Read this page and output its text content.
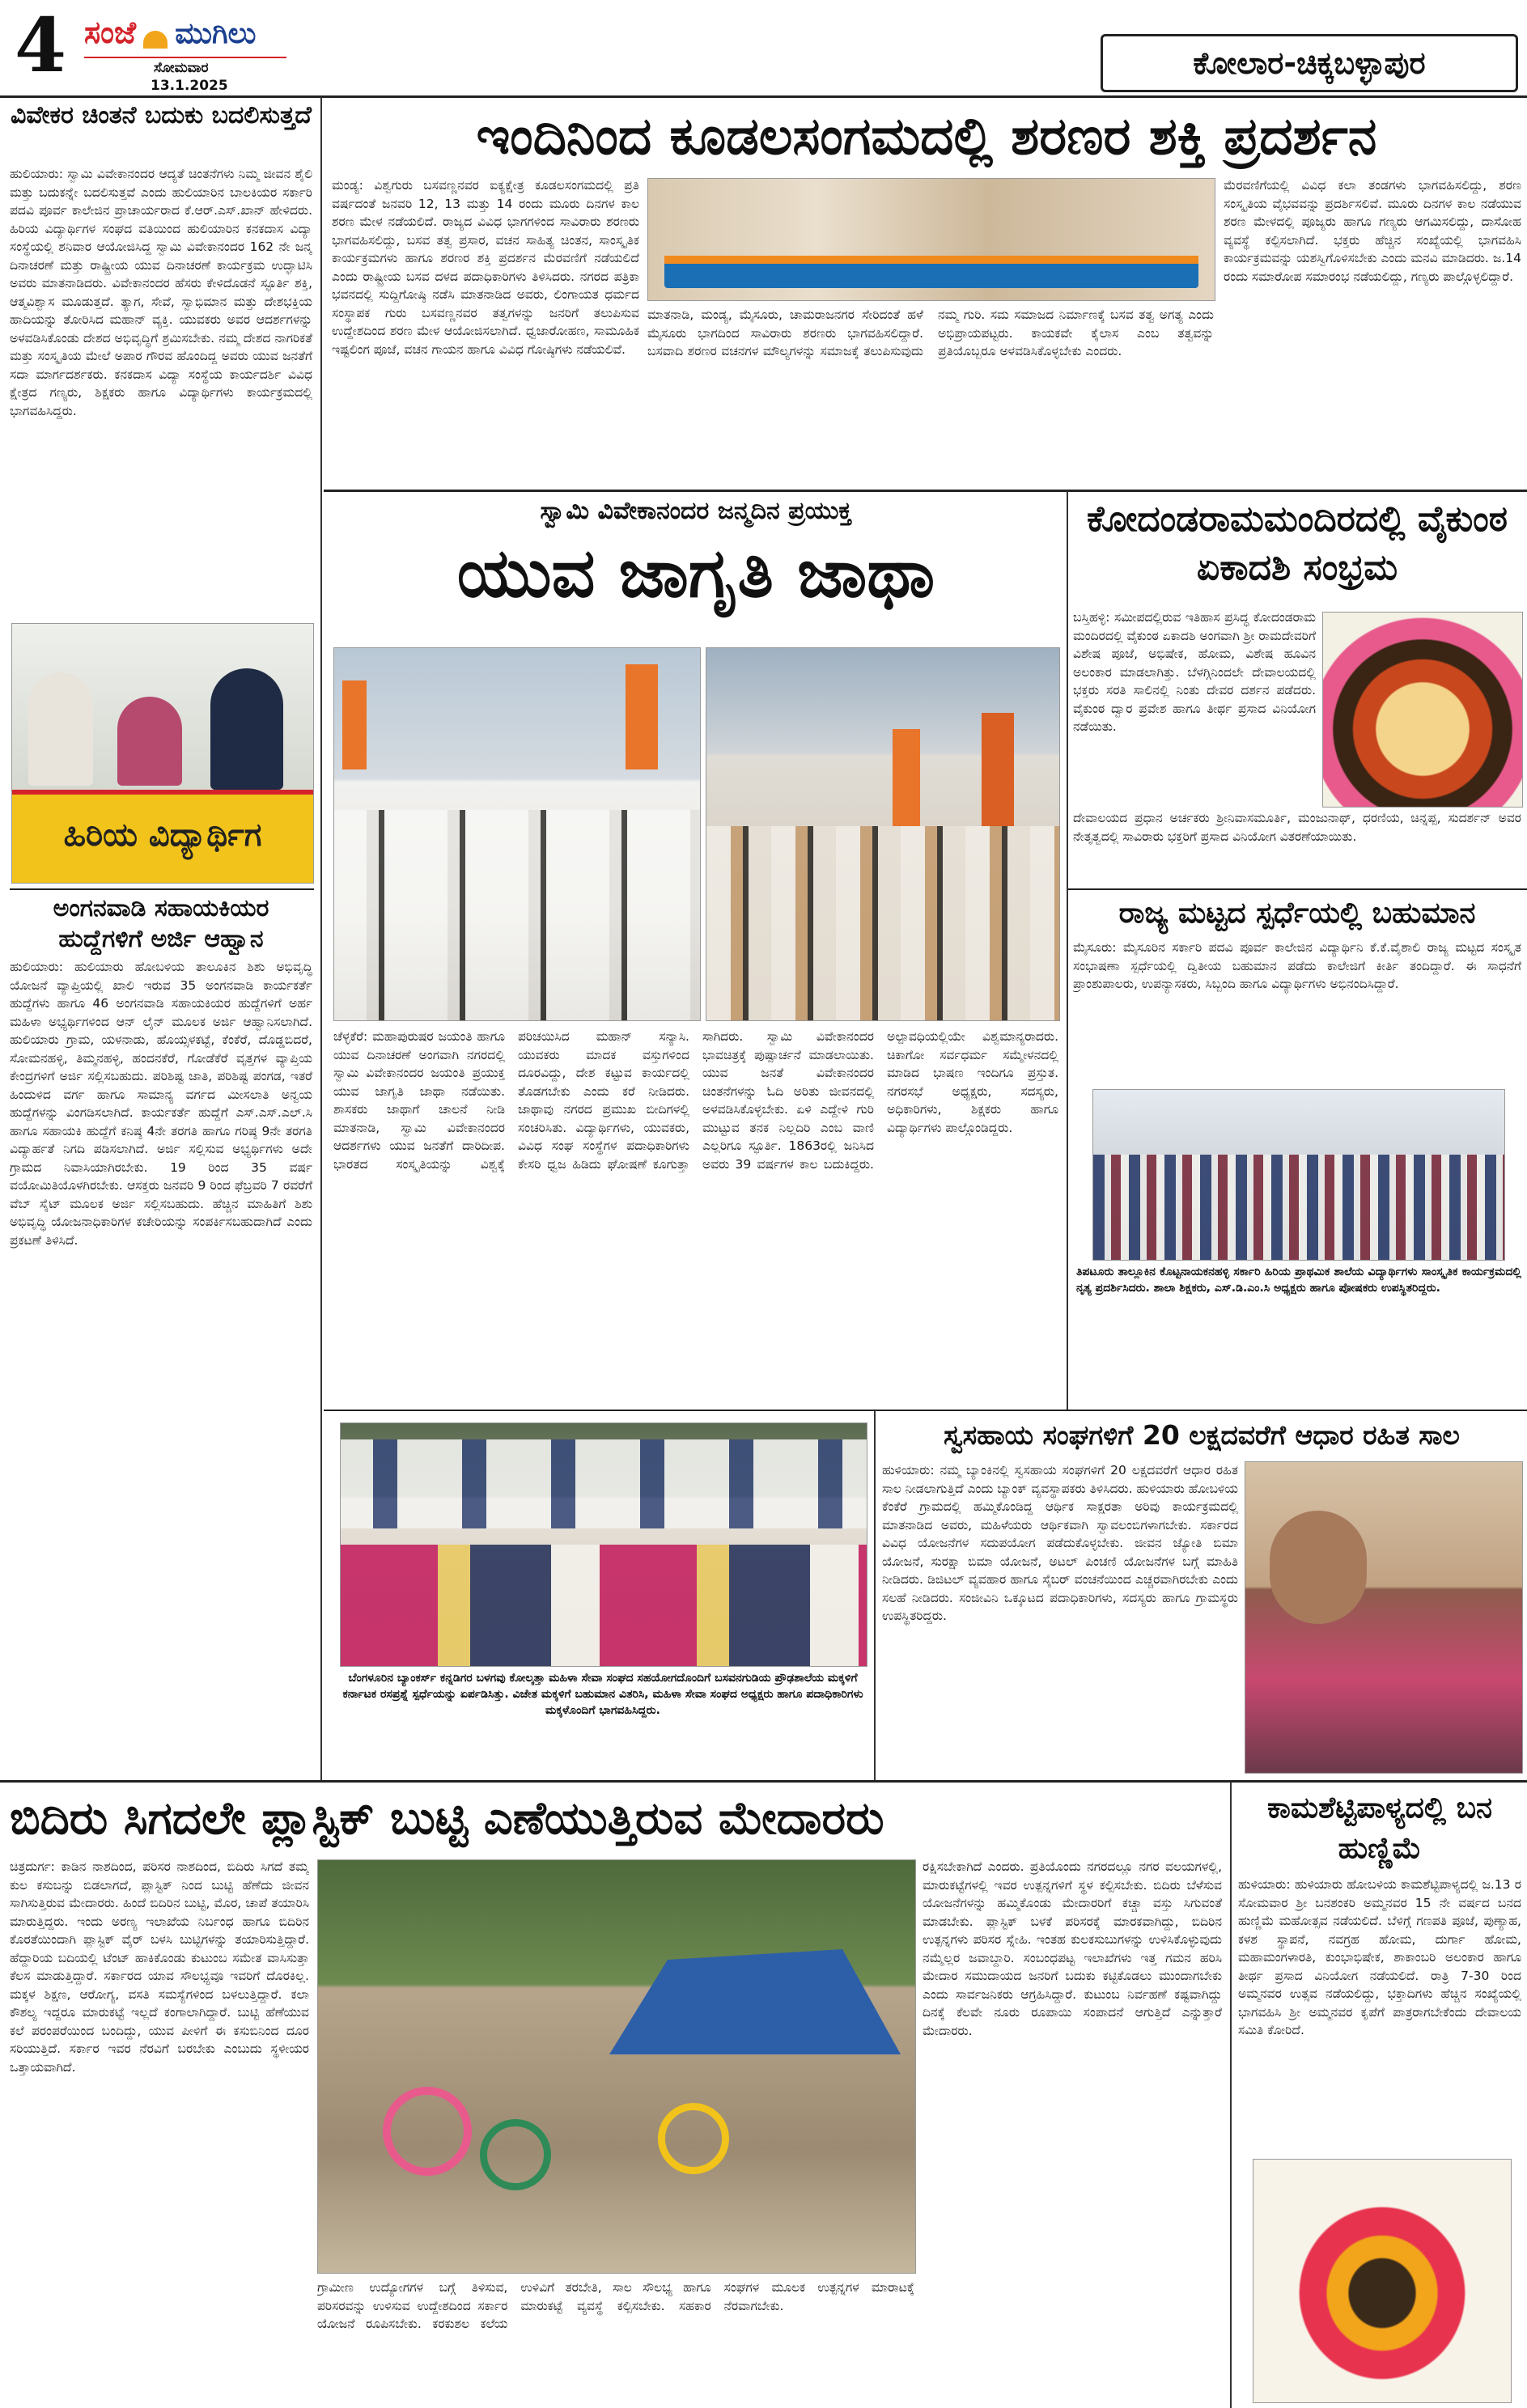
4 ಸಂಜೆ ಮುಗಿಲು
ಸೋಮವಾರ
13.1.2025
ಕೋಲಾರ-ಚಿಕ್ಕಬಳ್ಳಾಪುರ
ವಿವೇಕರ ಚಿಂತನೆ ಬದುಕು ಬದಲಿಸುತ್ತದೆ
ಹುಲಿಯಾರು: ಸ್ವಾಮಿ ವಿವೇಕಾನಂದರ ಆದ್ಯತೆ ಚಿಂತನೆಗಳು ನಿಮ್ಮ ಜೀವನ ಶೈಲಿ ಮತ್ತು ಬದುಕನ್ನೇ ಬದಲಿಸುತ್ತವೆ ಎಂದು ಹುಲಿಯಾರಿನ ಬಾಲಕಿಯರ ಸರ್ಕಾರಿ ಪದವಿ ಪೂರ್ವ ಕಾಲೇಜಿನ ಪ್ರಾಚಾರ್ಯರಾದ ಕೆ.ಆರ್.ಎಸ್.ಖಾನ್ ಹೇಳಿದರು. ಹಿರಿಯ ವಿದ್ಯಾರ್ಥಿಗಳ ಸಂಘದ ವತಿಯಿಂದ ಹುಲಿಯಾರಿನ ಕನಕದಾಸ ವಿದ್ಯಾ ಸಂಸ್ಥೆಯಲ್ಲಿ ಶನಿವಾರ ಆಯೋಜಿಸಿದ್ದ ಸ್ವಾಮಿ ವಿವೇಕಾನಂದರ 162 ನೇ ಜನ್ಮ ದಿನಾಚರಣೆ ಮತ್ತು ರಾಷ್ಟ್ರೀಯ ಯುವ ದಿನಾಚರಣೆ ಕಾರ್ಯಕ್ರಮ ಉದ್ಘಾಟಿಸಿ ಅವರು ಮಾತನಾಡಿದರು. ವಿವೇಕಾನಂದರ ಹೆಸರು ಕೇಳಿದೊಡನೆ ಸ್ಫೂರ್ತಿ ಶಕ್ತಿ, ಆತ್ಮವಿಶ್ವಾಸ ಮೂಡುತ್ತದೆ. ತ್ಯಾಗ, ಸೇವೆ, ಸ್ವಾಭಿಮಾನ ಮತ್ತು ದೇಶಭಕ್ತಿಯ ಹಾದಿಯನ್ನು ತೋರಿಸಿದ ಮಹಾನ್ ವ್ಯಕ್ತಿ. ಯುವಕರು ಅವರ ಆದರ್ಶಗಳನ್ನು ಅಳವಡಿಸಿಕೊಂಡು ದೇಶದ ಅಭಿವೃದ್ಧಿಗೆ ಶ್ರಮಿಸಬೇಕು. ನಮ್ಮ ದೇಶದ ನಾಗರಿಕತೆ ಮತ್ತು ಸಂಸ್ಕೃತಿಯ ಮೇಲೆ ಅಪಾರ ಗೌರವ ಹೊಂದಿದ್ದ ಅವರು ಯುವ ಜನತೆಗೆ ಸದಾ ಮಾರ್ಗದರ್ಶಕರು. ಕನಕದಾಸ ವಿದ್ಯಾ ಸಂಸ್ಥೆಯ ಕಾರ್ಯದರ್ಶಿ ವಿವಿಧ ಕ್ಷೇತ್ರದ ಗಣ್ಯರು, ಶಿಕ್ಷಕರು ಹಾಗೂ ವಿದ್ಯಾರ್ಥಿಗಳು ಕಾರ್ಯಕ್ರಮದಲ್ಲಿ ಭಾಗವಹಿಸಿದ್ದರು.
ಹಿರಿಯ ವಿದ್ಯಾರ್ಥಿಗ
ಅಂಗನವಾಡಿ ಸಹಾಯಕಿಯರ ಹುದ್ದೆಗಳಿಗೆ ಅರ್ಜಿ ಆಹ್ವಾನ
ಹುಲಿಯಾರು: ಹುಲಿಯಾರು ಹೋಬಳಿಯ ತಾಲೂಕಿನ ಶಿಶು ಅಭಿವೃದ್ಧಿ ಯೋಜನೆ ವ್ಯಾಪ್ತಿಯಲ್ಲಿ ಖಾಲಿ ಇರುವ 35 ಅಂಗನವಾಡಿ ಕಾರ್ಯಕರ್ತೆ ಹುದ್ದೆಗಳು ಹಾಗೂ 46 ಅಂಗನವಾಡಿ ಸಹಾಯಕಿಯರ ಹುದ್ದೆಗಳಿಗೆ ಅರ್ಹ ಮಹಿಳಾ ಅಭ್ಯರ್ಥಿಗಳಿಂದ ಆನ್ ಲೈನ್ ಮೂಲಕ ಅರ್ಜಿ ಆಹ್ವಾನಿಸಲಾಗಿದೆ. ಹುಲಿಯಾರು ಗ್ರಾಮ, ಯಳನಾಡು, ಹೊಯ್ಸಳಕಟ್ಟೆ, ಕೆಂಕೆರೆ, ದೊಡ್ಡಬಿದರೆ, ಸೋಮನಹಳ್ಳಿ, ತಿಮ್ಮನಹಳ್ಳಿ, ಹಂದನಕೆರೆ, ಗೋಡೆಕೆರೆ ವೃತ್ತಗಳ ವ್ಯಾಪ್ತಿಯ ಕೇಂದ್ರಗಳಿಗೆ ಅರ್ಜಿ ಸಲ್ಲಿಸಬಹುದು. ಪರಿಶಿಷ್ಟ ಜಾತಿ, ಪರಿಶಿಷ್ಟ ಪಂಗಡ, ಇತರೆ ಹಿಂದುಳಿದ ವರ್ಗ ಹಾಗೂ ಸಾಮಾನ್ಯ ವರ್ಗದ ಮೀಸಲಾತಿ ಅನ್ವಯ ಹುದ್ದೆಗಳನ್ನು ವಿಂಗಡಿಸಲಾಗಿದೆ. ಕಾರ್ಯಕರ್ತೆ ಹುದ್ದೆಗೆ ಎಸ್.ಎಸ್.ಎಲ್.ಸಿ ಹಾಗೂ ಸಹಾಯಕಿ ಹುದ್ದೆಗೆ ಕನಿಷ್ಠ 4ನೇ ತರಗತಿ ಹಾಗೂ ಗರಿಷ್ಠ 9ನೇ ತರಗತಿ ವಿದ್ಯಾರ್ಹತೆ ನಿಗದಿ ಪಡಿಸಲಾಗಿದೆ. ಅರ್ಜಿ ಸಲ್ಲಿಸುವ ಅಭ್ಯರ್ಥಿಗಳು ಅದೇ ಗ್ರಾಮದ ನಿವಾಸಿಯಾಗಿರಬೇಕು. 19 ರಿಂದ 35 ವರ್ಷ ವಯೋಮಿತಿಯೊಳಗಿರಬೇಕು. ಆಸಕ್ತರು ಜನವರಿ 9 ರಿಂದ ಫೆಬ್ರವರಿ 7 ರವರೆಗೆ ವೆಬ್ ಸೈಟ್ ಮೂಲಕ ಅರ್ಜಿ ಸಲ್ಲಿಸಬಹುದು. ಹೆಚ್ಚಿನ ಮಾಹಿತಿಗೆ ಶಿಶು ಅಭಿವೃದ್ಧಿ ಯೋಜನಾಧಿಕಾರಿಗಳ ಕಚೇರಿಯನ್ನು ಸಂಪರ್ಕಿಸಬಹುದಾಗಿದೆ ಎಂದು ಪ್ರಕಟಣೆ ತಿಳಿಸಿದೆ.
ಇಂದಿನಿಂದ ಕೂಡಲಸಂಗಮದಲ್ಲಿ ಶರಣರ ಶಕ್ತಿ ಪ್ರದರ್ಶನ
ಮಂಡ್ಯ: ವಿಶ್ವಗುರು ಬಸವಣ್ಣನವರ ಐಕ್ಯಕ್ಷೇತ್ರ ಕೂಡಲಸಂಗಮದಲ್ಲಿ ಪ್ರತಿ ವರ್ಷದಂತೆ ಜನವರಿ 12, 13 ಮತ್ತು 14 ರಂದು ಮೂರು ದಿನಗಳ ಕಾಲ ಶರಣ ಮೇಳ ನಡೆಯಲಿದೆ. ರಾಜ್ಯದ ವಿವಿಧ ಭಾಗಗಳಿಂದ ಸಾವಿರಾರು ಶರಣರು ಭಾಗವಹಿಸಲಿದ್ದು, ಬಸವ ತತ್ವ ಪ್ರಸಾರ, ವಚನ ಸಾಹಿತ್ಯ ಚಿಂತನ, ಸಾಂಸ್ಕೃತಿಕ ಕಾರ್ಯಕ್ರಮಗಳು ಹಾಗೂ ಶರಣರ ಶಕ್ತಿ ಪ್ರದರ್ಶನ ಮೆರವಣಿಗೆ ನಡೆಯಲಿದೆ ಎಂದು ರಾಷ್ಟ್ರೀಯ ಬಸವ ದಳದ ಪದಾಧಿಕಾರಿಗಳು ತಿಳಿಸಿದರು. ನಗರದ ಪತ್ರಿಕಾ ಭವನದಲ್ಲಿ ಸುದ್ದಿಗೋಷ್ಠಿ ನಡೆಸಿ ಮಾತನಾಡಿದ ಅವರು, ಲಿಂಗಾಯತ ಧರ್ಮದ ಸಂಸ್ಥಾಪಕ ಗುರು ಬಸವಣ್ಣನವರ ತತ್ವಗಳನ್ನು ಜನರಿಗೆ ತಲುಪಿಸುವ ಉದ್ದೇಶದಿಂದ ಶರಣ ಮೇಳ ಆಯೋಜಿಸಲಾಗಿದೆ. ಧ್ವಜಾರೋಹಣ, ಸಾಮೂಹಿಕ ಇಷ್ಟಲಿಂಗ ಪೂಜೆ, ವಚನ ಗಾಯನ ಹಾಗೂ ವಿವಿಧ ಗೋಷ್ಠಿಗಳು ನಡೆಯಲಿವೆ.
ಮಾತನಾಡಿ, ಮಂಡ್ಯ, ಮೈಸೂರು, ಚಾಮರಾಜನಗರ ಸೇರಿದಂತೆ ಹಳೆ ಮೈಸೂರು ಭಾಗದಿಂದ ಸಾವಿರಾರು ಶರಣರು ಭಾಗವಹಿಸಲಿದ್ದಾರೆ. ಬಸವಾದಿ ಶರಣರ ವಚನಗಳ ಮೌಲ್ಯಗಳನ್ನು ಸಮಾಜಕ್ಕೆ ತಲುಪಿಸುವುದು ನಮ್ಮ ಗುರಿ. ಸಮ ಸಮಾಜದ ನಿರ್ಮಾಣಕ್ಕೆ ಬಸವ ತತ್ವ ಅಗತ್ಯ ಎಂದು ಅಭಿಪ್ರಾಯಪಟ್ಟರು. ಕಾಯಕವೇ ಕೈಲಾಸ ಎಂಬ ತತ್ವವನ್ನು ಪ್ರತಿಯೊಬ್ಬರೂ ಅಳವಡಿಸಿಕೊಳ್ಳಬೇಕು ಎಂದರು.
ಮೆರವಣಿಗೆಯಲ್ಲಿ ವಿವಿಧ ಕಲಾ ತಂಡಗಳು ಭಾಗವಹಿಸಲಿದ್ದು, ಶರಣ ಸಂಸ್ಕೃತಿಯ ವೈಭವವನ್ನು ಪ್ರದರ್ಶಿಸಲಿವೆ. ಮೂರು ದಿನಗಳ ಕಾಲ ನಡೆಯುವ ಶರಣ ಮೇಳದಲ್ಲಿ ಪೂಜ್ಯರು ಹಾಗೂ ಗಣ್ಯರು ಆಗಮಿಸಲಿದ್ದು, ದಾಸೋಹ ವ್ಯವಸ್ಥೆ ಕಲ್ಪಿಸಲಾಗಿದೆ. ಭಕ್ತರು ಹೆಚ್ಚಿನ ಸಂಖ್ಯೆಯಲ್ಲಿ ಭಾಗವಹಿಸಿ ಕಾರ್ಯಕ್ರಮವನ್ನು ಯಶಸ್ವಿಗೊಳಿಸಬೇಕು ಎಂದು ಮನವಿ ಮಾಡಿದರು. ಜ.14 ರಂದು ಸಮಾರೋಪ ಸಮಾರಂಭ ನಡೆಯಲಿದ್ದು, ಗಣ್ಯರು ಪಾಲ್ಗೊಳ್ಳಲಿದ್ದಾರೆ.
ಸ್ವಾಮಿ ವಿವೇಕಾನಂದರ ಜನ್ಮದಿನ ಪ್ರಯುಕ್ತ
ಯುವ ಜಾಗೃತಿ ಜಾಥಾ
ಚೆಳ್ಳಕೆರೆ: ಮಹಾಪುರುಷರ ಜಯಂತಿ ಹಾಗೂ ಯುವ ದಿನಾಚರಣೆ ಅಂಗವಾಗಿ ನಗರದಲ್ಲಿ ಸ್ವಾಮಿ ವಿವೇಕಾನಂದರ ಜಯಂತಿ ಪ್ರಯುಕ್ತ ಯುವ ಜಾಗೃತಿ ಜಾಥಾ ನಡೆಯಿತು. ಶಾಸಕರು ಜಾಥಾಗೆ ಚಾಲನೆ ನೀಡಿ ಮಾತನಾಡಿ, ಸ್ವಾಮಿ ವಿವೇಕಾನಂದರ ಆದರ್ಶಗಳು ಯುವ ಜನತೆಗೆ ದಾರಿದೀಪ. ಭಾರತದ ಸಂಸ್ಕೃತಿಯನ್ನು ವಿಶ್ವಕ್ಕೆ ಪರಿಚಯಿಸಿದ ಮಹಾನ್ ಸನ್ಯಾಸಿ. ಯುವಕರು ಮಾದಕ ವಸ್ತುಗಳಿಂದ ದೂರವಿದ್ದು, ದೇಶ ಕಟ್ಟುವ ಕಾರ್ಯದಲ್ಲಿ ತೊಡಗಬೇಕು ಎಂದು ಕರೆ ನೀಡಿದರು. ಜಾಥಾವು ನಗರದ ಪ್ರಮುಖ ಬೀದಿಗಳಲ್ಲಿ ಸಂಚರಿಸಿತು. ವಿದ್ಯಾರ್ಥಿಗಳು, ಯುವಕರು, ವಿವಿಧ ಸಂಘ ಸಂಸ್ಥೆಗಳ ಪದಾಧಿಕಾರಿಗಳು ಕೇಸರಿ ಧ್ವಜ ಹಿಡಿದು ಘೋಷಣೆ ಕೂಗುತ್ತಾ ಸಾಗಿದರು. ಸ್ವಾಮಿ ವಿವೇಕಾನಂದರ ಭಾವಚಿತ್ರಕ್ಕೆ ಪುಷ್ಪಾರ್ಚನೆ ಮಾಡಲಾಯಿತು. ಯುವ ಜನತೆ ವಿವೇಕಾನಂದರ ಚಿಂತನೆಗಳನ್ನು ಓದಿ ಅರಿತು ಜೀವನದಲ್ಲಿ ಅಳವಡಿಸಿಕೊಳ್ಳಬೇಕು. ಏಳಿ ಎದ್ದೇಳಿ ಗುರಿ ಮುಟ್ಟುವ ತನಕ ನಿಲ್ಲದಿರಿ ಎಂಬ ವಾಣಿ ಎಲ್ಲರಿಗೂ ಸ್ಫೂರ್ತಿ. 1863ರಲ್ಲಿ ಜನಿಸಿದ ಅವರು 39 ವರ್ಷಗಳ ಕಾಲ ಬದುಕಿದ್ದರು. ಅಲ್ಪಾವಧಿಯಲ್ಲಿಯೇ ವಿಶ್ವಮಾನ್ಯರಾದರು. ಚಿಕಾಗೋ ಸರ್ವಧರ್ಮ ಸಮ್ಮೇಳನದಲ್ಲಿ ಮಾಡಿದ ಭಾಷಣ ಇಂದಿಗೂ ಪ್ರಸ್ತುತ. ನಗರಸಭೆ ಅಧ್ಯಕ್ಷರು, ಸದಸ್ಯರು, ಅಧಿಕಾರಿಗಳು, ಶಿಕ್ಷಕರು ಹಾಗೂ ವಿದ್ಯಾರ್ಥಿಗಳು ಪಾಲ್ಗೊಂಡಿದ್ದರು.
ಕೋದಂಡರಾಮಮಂದಿರದಲ್ಲಿ ವೈಕುಂಠ ಏಕಾದಶಿ ಸಂಭ್ರಮ
ಬಸ್ತಿಹಳ್ಳಿ: ಸಮೀಪದಲ್ಲಿರುವ ಇತಿಹಾಸ ಪ್ರಸಿದ್ಧ ಕೋದಂಡರಾಮ ಮಂದಿರದಲ್ಲಿ ವೈಕುಂಠ ಏಕಾದಶಿ ಅಂಗವಾಗಿ ಶ್ರೀ ರಾಮದೇವರಿಗೆ ವಿಶೇಷ ಪೂಜೆ, ಅಭಿಷೇಕ, ಹೋಮ, ವಿಶೇಷ ಹೂವಿನ ಅಲಂಕಾರ ಮಾಡಲಾಗಿತ್ತು. ಬೆಳಗ್ಗಿನಿಂದಲೇ ದೇವಾಲಯದಲ್ಲಿ ಭಕ್ತರು ಸರತಿ ಸಾಲಿನಲ್ಲಿ ನಿಂತು ದೇವರ ದರ್ಶನ ಪಡೆದರು. ವೈಕುಂಠ ದ್ವಾರ ಪ್ರವೇಶ ಹಾಗೂ ತೀರ್ಥ ಪ್ರಸಾದ ವಿನಿಯೋಗ ನಡೆಯಿತು.
ದೇವಾಲಯದ ಪ್ರಧಾನ ಅರ್ಚಕರು ಶ್ರೀನಿವಾಸಮೂರ್ತಿ, ಮಂಜುನಾಥ್, ಧರಣಿಯ, ಚಿನ್ನಪ್ಪ, ಸುದರ್ಶನ್ ಅವರ ನೇತೃತ್ವದಲ್ಲಿ ಸಾವಿರಾರು ಭಕ್ತರಿಗೆ ಪ್ರಸಾದ ವಿನಿಯೋಗ ವಿತರಣೆಯಾಯಿತು.
ರಾಜ್ಯ ಮಟ್ಟದ ಸ್ಪರ್ಧೆಯಲ್ಲಿ ಬಹುಮಾನ
ಮೈಸೂರು: ಮೈಸೂರಿನ ಸರ್ಕಾರಿ ಪದವಿ ಪೂರ್ವ ಕಾಲೇಜಿನ ವಿದ್ಯಾರ್ಥಿನಿ ಕೆ.ಕೆ.ವೈಶಾಲಿ ರಾಜ್ಯ ಮಟ್ಟದ ಸಂಸ್ಕೃತ ಸಂಭಾಷಣಾ ಸ್ಪರ್ಧೆಯಲ್ಲಿ ದ್ವಿತೀಯ ಬಹುಮಾನ ಪಡೆದು ಕಾಲೇಜಿಗೆ ಕೀರ್ತಿ ತಂದಿದ್ದಾರೆ. ಈ ಸಾಧನೆಗೆ ಪ್ರಾಂಶುಪಾಲರು, ಉಪನ್ಯಾಸಕರು, ಸಿಬ್ಬಂದಿ ಹಾಗೂ ವಿದ್ಯಾರ್ಥಿಗಳು ಅಭಿನಂದಿಸಿದ್ದಾರೆ.
ತಿಪಟೂರು ತಾಲ್ಲೂಕಿನ ಕೊಟ್ಟನಾಯಕನಹಳ್ಳಿ ಸರ್ಕಾರಿ ಹಿರಿಯ ಪ್ರಾಥಮಿಕ ಶಾಲೆಯ ವಿದ್ಯಾರ್ಥಿಗಳು ಸಾಂಸ್ಕೃತಿಕ ಕಾರ್ಯಕ್ರಮದಲ್ಲಿ ನೃತ್ಯ ಪ್ರದರ್ಶಿಸಿದರು. ಶಾಲಾ ಶಿಕ್ಷಕರು, ಎಸ್.ಡಿ.ಎಂ.ಸಿ ಅಧ್ಯಕ್ಷರು ಹಾಗೂ ಪೋಷಕರು ಉಪಸ್ಥಿತರಿದ್ದರು.
ಬೆಂಗಳೂರಿನ ಬ್ಯಾಂಕರ್ಸ್ ಕನ್ನಡಿಗರ ಬಳಗವು ಕೋಲ್ಕತ್ತಾ ಮಹಿಳಾ ಸೇವಾ ಸಂಘದ ಸಹಯೋಗದೊಂದಿಗೆ ಬಸವನಗುಡಿಯ ಪ್ರೌಢಶಾಲೆಯ ಮಕ್ಕಳಿಗೆ ಕರ್ನಾಟಕ ರಸಪ್ರಶ್ನೆ ಸ್ಪರ್ಧೆಯನ್ನು ಏರ್ಪಡಿಸಿತ್ತು. ವಿಜೇತ ಮಕ್ಕಳಿಗೆ ಬಹುಮಾನ ವಿತರಿಸಿ, ಮಹಿಳಾ ಸೇವಾ ಸಂಘದ ಅಧ್ಯಕ್ಷರು ಹಾಗೂ ಪದಾಧಿಕಾರಿಗಳು ಮಕ್ಕಳೊಂದಿಗೆ ಭಾಗವಹಿಸಿದ್ದರು.
ಸ್ವಸಹಾಯ ಸಂಘಗಳಿಗೆ 20 ಲಕ್ಷದವರೆಗೆ ಆಧಾರ ರಹಿತ ಸಾಲ
ಹುಳಿಯಾರು: ನಮ್ಮ ಬ್ಯಾಂಕಿನಲ್ಲಿ ಸ್ವಸಹಾಯ ಸಂಘಗಳಿಗೆ 20 ಲಕ್ಷದವರೆಗೆ ಆಧಾರ ರಹಿತ ಸಾಲ ನೀಡಲಾಗುತ್ತಿದೆ ಎಂದು ಬ್ಯಾಂಕ್ ವ್ಯವಸ್ಥಾಪಕರು ತಿಳಿಸಿದರು. ಹುಳಿಯಾರು ಹೋಬಳಿಯ ಕೆಂಕೆರೆ ಗ್ರಾಮದಲ್ಲಿ ಹಮ್ಮಿಕೊಂಡಿದ್ದ ಆರ್ಥಿಕ ಸಾಕ್ಷರತಾ ಅರಿವು ಕಾರ್ಯಕ್ರಮದಲ್ಲಿ ಮಾತನಾಡಿದ ಅವರು, ಮಹಿಳೆಯರು ಆರ್ಥಿಕವಾಗಿ ಸ್ವಾವಲಂಬಿಗಳಾಗಬೇಕು. ಸರ್ಕಾರದ ವಿವಿಧ ಯೋಜನೆಗಳ ಸದುಪಯೋಗ ಪಡೆದುಕೊಳ್ಳಬೇಕು. ಜೀವನ ಜ್ಯೋತಿ ಬಿಮಾ ಯೋಜನೆ, ಸುರಕ್ಷಾ ಬಿಮಾ ಯೋಜನೆ, ಅಟಲ್ ಪಿಂಚಣಿ ಯೋಜನೆಗಳ ಬಗ್ಗೆ ಮಾಹಿತಿ ನೀಡಿದರು. ಡಿಜಿಟಲ್ ವ್ಯವಹಾರ ಹಾಗೂ ಸೈಬರ್ ವಂಚನೆಯಿಂದ ಎಚ್ಚರವಾಗಿರಬೇಕು ಎಂದು ಸಲಹೆ ನೀಡಿದರು. ಸಂಜೀವಿನಿ ಒಕ್ಕೂಟದ ಪದಾಧಿಕಾರಿಗಳು, ಸದಸ್ಯರು ಹಾಗೂ ಗ್ರಾಮಸ್ಥರು ಉಪಸ್ಥಿತರಿದ್ದರು.
ಬಿದಿರು ಸಿಗದಲೇ ಪ್ಲಾಸ್ಟಿಕ್ ಬುಟ್ಟಿ ಎಣೆಯುತ್ತಿರುವ ಮೇದಾರರು
ಚಿತ್ರದುರ್ಗ: ಕಾಡಿನ ನಾಶದಿಂದ, ಪರಿಸರ ನಾಶದಿಂದ, ಬಿದಿರು ಸಿಗದೆ ತಮ್ಮ ಕುಲ ಕಸುಬನ್ನು ಬಿಡಲಾಗದೆ, ಪ್ಲಾಸ್ಟಿಕ್ ನಿಂದ ಬುಟ್ಟಿ ಹೆಣೆದು ಜೀವನ ಸಾಗಿಸುತ್ತಿರುವ ಮೇದಾರರು. ಹಿಂದೆ ಬಿದಿರಿನ ಬುಟ್ಟಿ, ಮೊರ, ಚಾಪೆ ತಯಾರಿಸಿ ಮಾರುತ್ತಿದ್ದರು. ಇಂದು ಅರಣ್ಯ ಇಲಾಖೆಯ ನಿರ್ಬಂಧ ಹಾಗೂ ಬಿದಿರಿನ ಕೊರತೆಯಿಂದಾಗಿ ಪ್ಲಾಸ್ಟಿಕ್ ವೈರ್ ಬಳಸಿ ಬುಟ್ಟಿಗಳನ್ನು ತಯಾರಿಸುತ್ತಿದ್ದಾರೆ. ಹೆದ್ದಾರಿಯ ಬದಿಯಲ್ಲಿ ಟೆಂಟ್ ಹಾಕಿಕೊಂಡು ಕುಟುಂಬ ಸಮೇತ ವಾಸಿಸುತ್ತಾ ಕೆಲಸ ಮಾಡುತ್ತಿದ್ದಾರೆ. ಸರ್ಕಾರದ ಯಾವ ಸೌಲಭ್ಯವೂ ಇವರಿಗೆ ದೊರಕಿಲ್ಲ. ಮಕ್ಕಳ ಶಿಕ್ಷಣ, ಆರೋಗ್ಯ, ವಸತಿ ಸಮಸ್ಯೆಗಳಿಂದ ಬಳಲುತ್ತಿದ್ದಾರೆ. ಕಲಾ ಕೌಶಲ್ಯ ಇದ್ದರೂ ಮಾರುಕಟ್ಟೆ ಇಲ್ಲದೆ ಕಂಗಾಲಾಗಿದ್ದಾರೆ. ಬುಟ್ಟಿ ಹೆಣೆಯುವ ಕಲೆ ಪರಂಪರೆಯಿಂದ ಬಂದಿದ್ದು, ಯುವ ಪೀಳಿಗೆ ಈ ಕಸುಬಿನಿಂದ ದೂರ ಸರಿಯುತ್ತಿದೆ. ಸರ್ಕಾರ ಇವರ ನೆರವಿಗೆ ಬರಬೇಕು ಎಂಬುದು ಸ್ಥಳೀಯರ ಒತ್ತಾಯವಾಗಿದೆ.
ಗ್ರಾಮೀಣ ಉದ್ಯೋಗಗಳ ಬಗ್ಗೆ ತಿಳಿಸುವ, ಪರಿಸರವನ್ನು ಉಳಿಸುವ ಉದ್ದೇಶದಿಂದ ಸರ್ಕಾರ ಯೋಜನೆ ರೂಪಿಸಬೇಕು. ಕರಕುಶಲ ಕಲೆಯ ಉಳಿವಿಗೆ ತರಬೇತಿ, ಸಾಲ ಸೌಲಭ್ಯ ಹಾಗೂ ಮಾರುಕಟ್ಟೆ ವ್ಯವಸ್ಥೆ ಕಲ್ಪಿಸಬೇಕು. ಸಹಕಾರ ಸಂಘಗಳ ಮೂಲಕ ಉತ್ಪನ್ನಗಳ ಮಾರಾಟಕ್ಕೆ ನೆರವಾಗಬೇಕು.
ರಕ್ಷಿಸಬೇಕಾಗಿದೆ ಎಂದರು. ಪ್ರತಿಯೊಂದು ನಗರದಲ್ಲೂ ನಗರ ವಲಯಗಳಲ್ಲಿ, ಮಾರುಕಟ್ಟೆಗಳಲ್ಲಿ ಇವರ ಉತ್ಪನ್ನಗಳಿಗೆ ಸ್ಥಳ ಕಲ್ಪಿಸಬೇಕು. ಬಿದಿರು ಬೆಳೆಸುವ ಯೋಜನೆಗಳನ್ನು ಹಮ್ಮಿಕೊಂಡು ಮೇದಾರರಿಗೆ ಕಚ್ಚಾ ವಸ್ತು ಸಿಗುವಂತೆ ಮಾಡಬೇಕು. ಪ್ಲಾಸ್ಟಿಕ್ ಬಳಕೆ ಪರಿಸರಕ್ಕೆ ಮಾರಕವಾಗಿದ್ದು, ಬಿದಿರಿನ ಉತ್ಪನ್ನಗಳು ಪರಿಸರ ಸ್ನೇಹಿ. ಇಂತಹ ಕುಲಕಸುಬುಗಳನ್ನು ಉಳಿಸಿಕೊಳ್ಳುವುದು ನಮ್ಮೆಲ್ಲರ ಜವಾಬ್ದಾರಿ. ಸಂಬಂಧಪಟ್ಟ ಇಲಾಖೆಗಳು ಇತ್ತ ಗಮನ ಹರಿಸಿ ಮೇದಾರ ಸಮುದಾಯದ ಜನರಿಗೆ ಬದುಕು ಕಟ್ಟಿಕೊಡಲು ಮುಂದಾಗಬೇಕು ಎಂದು ಸಾರ್ವಜನಿಕರು ಆಗ್ರಹಿಸಿದ್ದಾರೆ. ಕುಟುಂಬ ನಿರ್ವಹಣೆ ಕಷ್ಟವಾಗಿದ್ದು ದಿನಕ್ಕೆ ಕೆಲವೇ ನೂರು ರೂಪಾಯಿ ಸಂಪಾದನೆ ಆಗುತ್ತಿದೆ ಎನ್ನುತ್ತಾರೆ ಮೇದಾರರು.
ಕಾಮಶೆಟ್ಟಿಪಾಳ್ಯದಲ್ಲಿ ಬನ ಹುಣ್ಣಿಮೆ
ಹುಳಿಯಾರು: ಹುಳಿಯಾರು ಹೋಬಳಿಯ ಕಾಮಶೆಟ್ಟಿಪಾಳ್ಯದಲ್ಲಿ ಜ.13 ರ ಸೋಮವಾರ ಶ್ರೀ ಬನಶಂಕರಿ ಅಮ್ಮನವರ 15 ನೇ ವರ್ಷದ ಬನದ ಹುಣ್ಣಿಮೆ ಮಹೋತ್ಸವ ನಡೆಯಲಿದೆ. ಬೆಳಿಗ್ಗೆ ಗಣಪತಿ ಪೂಜೆ, ಪುಣ್ಯಾಹ, ಕಳಶ ಸ್ಥಾಪನೆ, ನವಗ್ರಹ ಹೋಮ, ದುರ್ಗಾ ಹೋಮ, ಮಹಾಮಂಗಳಾರತಿ, ಕುಂಭಾಭಿಷೇಕ, ಶಾಕಾಂಬರಿ ಅಲಂಕಾರ ಹಾಗೂ ತೀರ್ಥ ಪ್ರಸಾದ ವಿನಿಯೋಗ ನಡೆಯಲಿದೆ. ರಾತ್ರಿ 7-30 ರಿಂದ ಅಮ್ಮನವರ ಉತ್ಸವ ನಡೆಯಲಿದ್ದು, ಭಕ್ತಾದಿಗಳು ಹೆಚ್ಚಿನ ಸಂಖ್ಯೆಯಲ್ಲಿ ಭಾಗವಹಿಸಿ ಶ್ರೀ ಅಮ್ಮನವರ ಕೃಪೆಗೆ ಪಾತ್ರರಾಗಬೇಕೆಂದು ದೇವಾಲಯ ಸಮಿತಿ ಕೋರಿದೆ.
